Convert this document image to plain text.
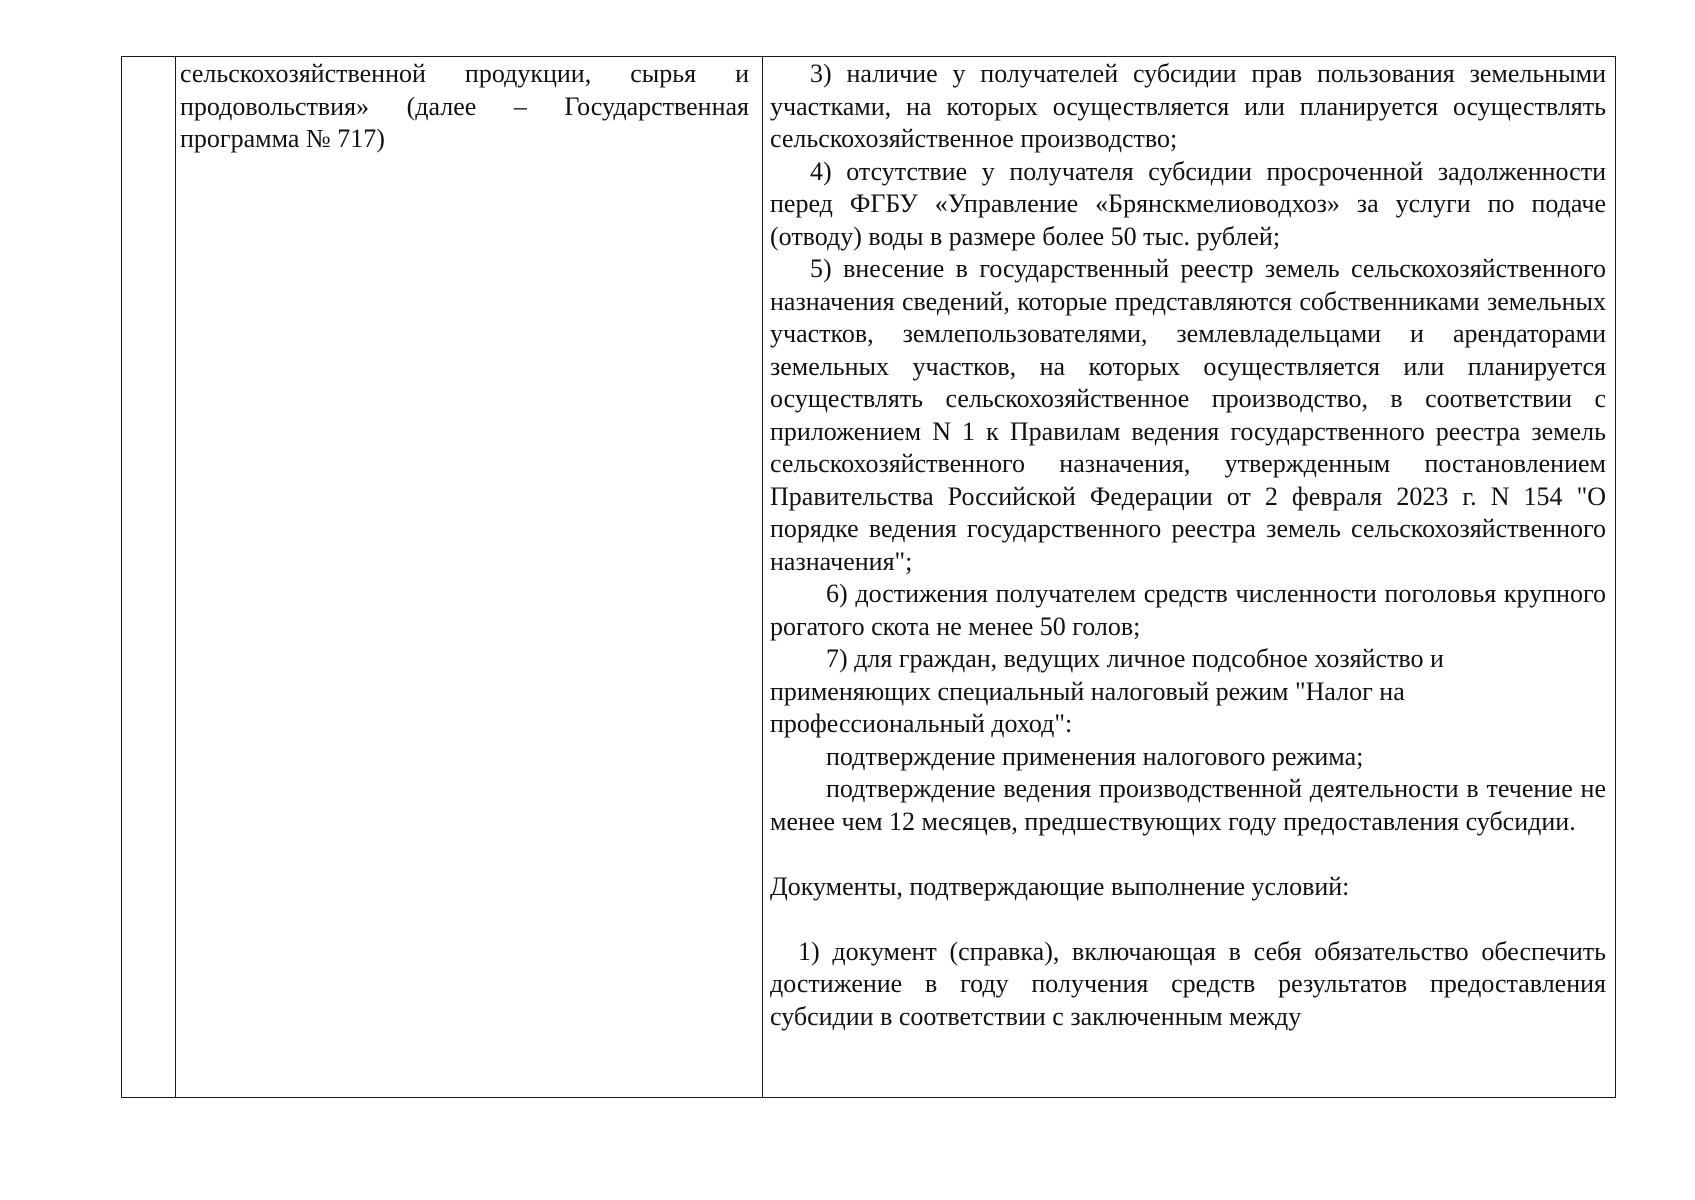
сельскохозяйственной продукции, сырья и продовольствия» (далее – Государственная программа № 717)

3) наличие у получателей субсидии прав пользования земельными участками, на которых осуществляется или планируется осуществлять сельскохозяйственное производство;

4) отсутствие у получателя субсидии просроченной задолженности перед ФГБУ «Управление «Брянскмелиоводхоз» за услуги по подаче (отводу) воды в размере более 50 тыс. рублей;

5) внесение в государственный реестр земель сельскохозяйственного назначения сведений, которые представляются собственниками земельных участков, землепользователями, землевладельцами и арендаторами земельных участков, на которых осуществляется или планируется осуществлять сельскохозяйственное производство, в соответствии с приложением N 1 к Правилам ведения государственного реестра земель сельскохозяйственного назначения, утвержденным постановлением Правительства Российской Федерации от 2 февраля 2023 г. N 154 "О порядке ведения государственного реестра земель сельскохозяйственного назначения";

6) достижения получателем средств численности поголовья крупного рогатого скота не менее 50 голов;

7) для граждан, ведущих личное подсобное хозяйство и применяющих специальный налоговый режим "Налог на профессиональный доход":

подтверждение применения налогового режима;

подтверждение ведения производственной деятельности в течение не менее чем 12 месяцев, предшествующих году предоставления субсидии.

Документы, подтверждающие выполнение условий:

1) документ (справка), включающая в себя обязательство обеспечить достижение в году получения средств результатов предоставления субсидии в соответствии с заключенным между
